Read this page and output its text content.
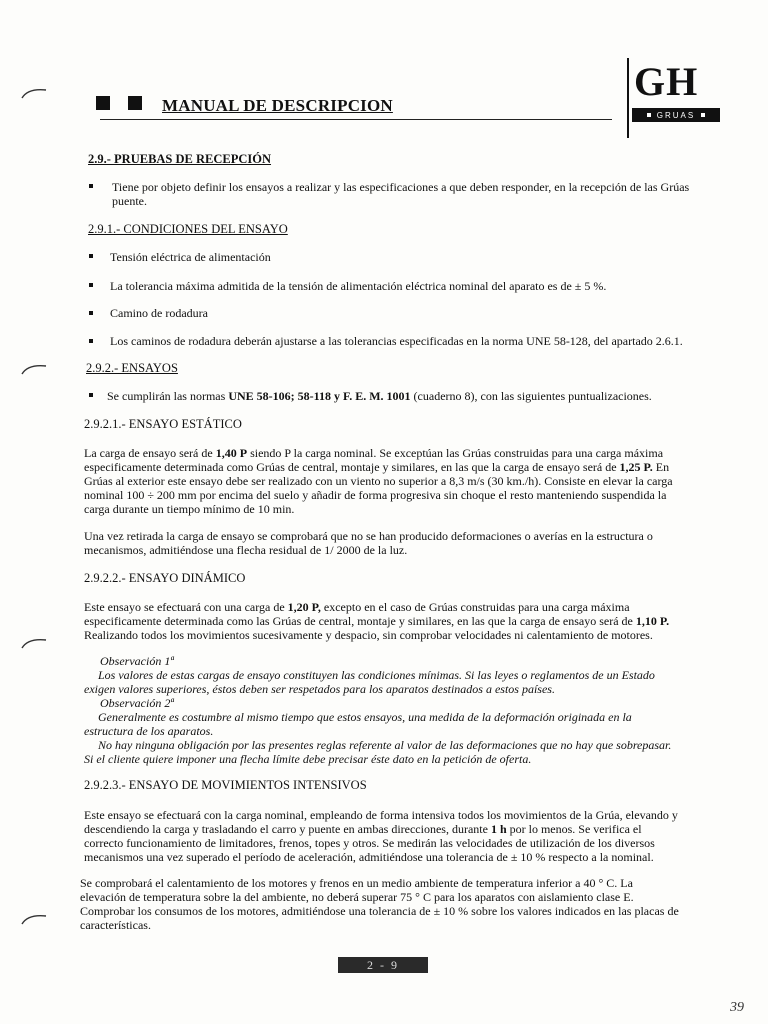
MANUAL DE DESCRIPCION
GH
GRUAS
2.9.- PRUEBAS DE RECEPCIÓN
Tiene por objeto definir los ensayos a realizar y las especificaciones a que deben responder, en la recepción de las Grúas
puente.
2.9.1.- CONDICIONES DEL ENSAYO
Tensión eléctrica de alimentación
La tolerancia máxima admitida de la tensión de alimentación eléctrica nominal del aparato es de ± 5 %.
Camino de rodadura
Los caminos de rodadura deberán ajustarse a las tolerancias especificadas en la norma UNE 58-128, del apartado 2.6.1.
2.9.2.- ENSAYOS
Se cumplirán las normas UNE 58-106; 58-118 y F. E. M. 1001 (cuaderno 8), con las siguientes puntualizaciones.
2.9.2.1.- ENSAYO ESTÁTICO
La carga de ensayo será de 1,40 P siendo P la carga nominal. Se exceptúan las Grúas construidas para una carga máxima
especificamente determinada como Grúas de central, montaje y similares, en las que la carga de ensayo será de 1,25 P. En
Grúas al exterior este ensayo debe ser realizado con un viento no superior a 8,3 m/s (30 km./h). Consiste en elevar la carga
nominal 100 ÷ 200 mm por encima del suelo y añadir de forma progresiva sin choque el resto manteniendo suspendida la
carga durante un tiempo mínimo de 10 min.
Una vez retirada la carga de ensayo se comprobará que no se han producido deformaciones o averías en la estructura o
mecanismos, admitiéndose una flecha residual de 1/ 2000 de la luz.
2.9.2.2.- ENSAYO DINÁMICO
Este ensayo se efectuará con una carga de 1,20 P, excepto en el caso de Grúas construidas para una carga máxima
especificamente determinada como las Grúas de central, montaje y similares, en las que la carga de ensayo será de 1,10 P.
Realizando todos los movimientos sucesivamente y despacio, sin comprobar velocidades ni calentamiento de motores.
Observación 1ª
Los valores de estas cargas de ensayo constituyen las condiciones mínimas. Si las leyes o reglamentos de un Estado
exigen valores superiores, éstos deben ser respetados para los aparatos destinados a estos países.
Observación 2ª
Generalmente es costumbre al mismo tiempo que estos ensayos, una medida de la deformación originada en la
estructura de los aparatos.
No hay ninguna obligación por las presentes reglas referente al valor de las deformaciones que no hay que sobrepasar.
Si el cliente quiere imponer una flecha límite debe precisar éste dato en la petición de oferta.
2.9.2.3.- ENSAYO DE MOVIMIENTOS INTENSIVOS
Este ensayo se efectuará con la carga nominal, empleando de forma intensiva todos los movimientos de la Grúa, elevando y
descendiendo la carga y trasladando el carro y puente en ambas direcciones, durante 1 h por lo menos. Se verifica el
correcto funcionamiento de limitadores, frenos, topes y otros. Se medirán las velocidades de utilización de los diversos
mecanismos una vez superado el período de aceleración, admitiéndose una tolerancia de ± 10 % respecto a la nominal.
Se comprobará el calentamiento de los motores y frenos en un medio ambiente de temperatura inferior a 40 ° C. La
elevación de temperatura sobre la del ambiente, no deberá superar 75 ° C para los aparatos con aislamiento clase E.
Comprobar los consumos de los motores, admitiéndose una tolerancia de ± 10 % sobre los valores indicados en las placas de
características.
2 - 9
39
